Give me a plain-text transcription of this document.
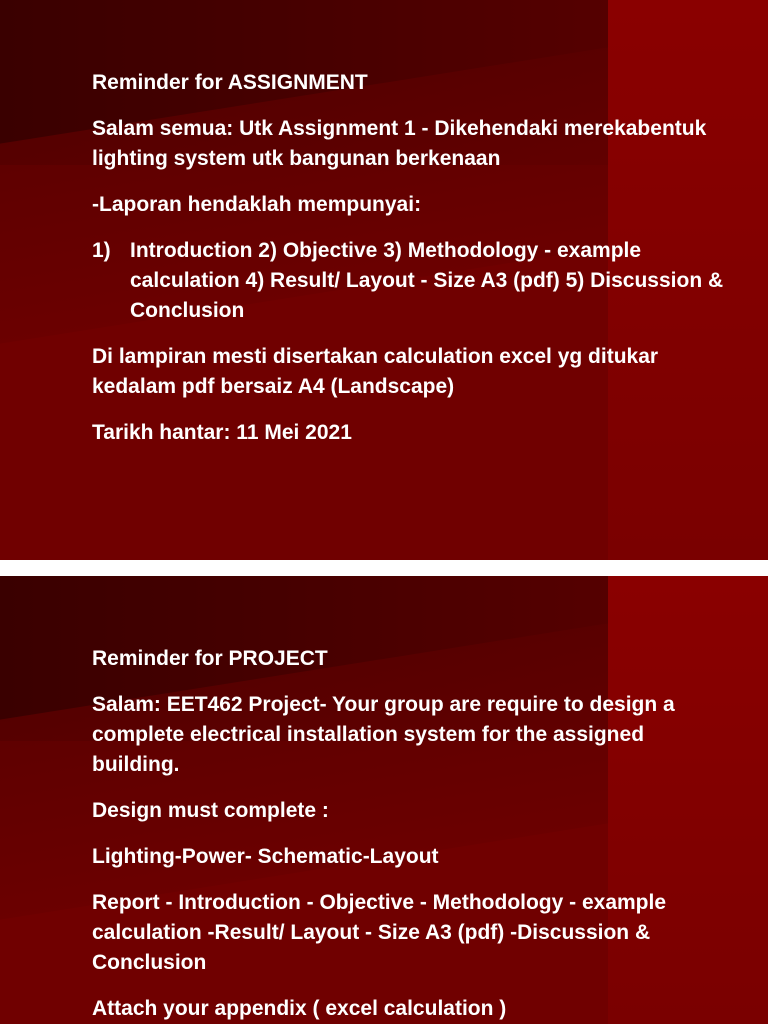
Reminder for ASSIGNMENT

Salam semua: Utk Assignment 1 - Dikehendaki merekabentuk lighting system utk bangunan berkenaan

-Laporan hendaklah mempunyai:

1) Introduction 2) Objective 3) Methodology - example calculation 4) Result/ Layout - Size A3 (pdf) 5) Discussion & Conclusion

Di lampiran mesti disertakan calculation excel yg ditukar kedalam pdf bersaiz A4 (Landscape)

Tarikh hantar: 11 Mei 2021

Reminder for PROJECT

Salam: EET462 Project- Your group are require to design a complete electrical installation system for the assigned building.

Design must complete :

Lighting-Power- Schematic-Layout

Report - Introduction - Objective - Methodology - example calculation -Result/ Layout - Size A3 (pdf) -Discussion & Conclusion

Attach your appendix ( excel calculation )
